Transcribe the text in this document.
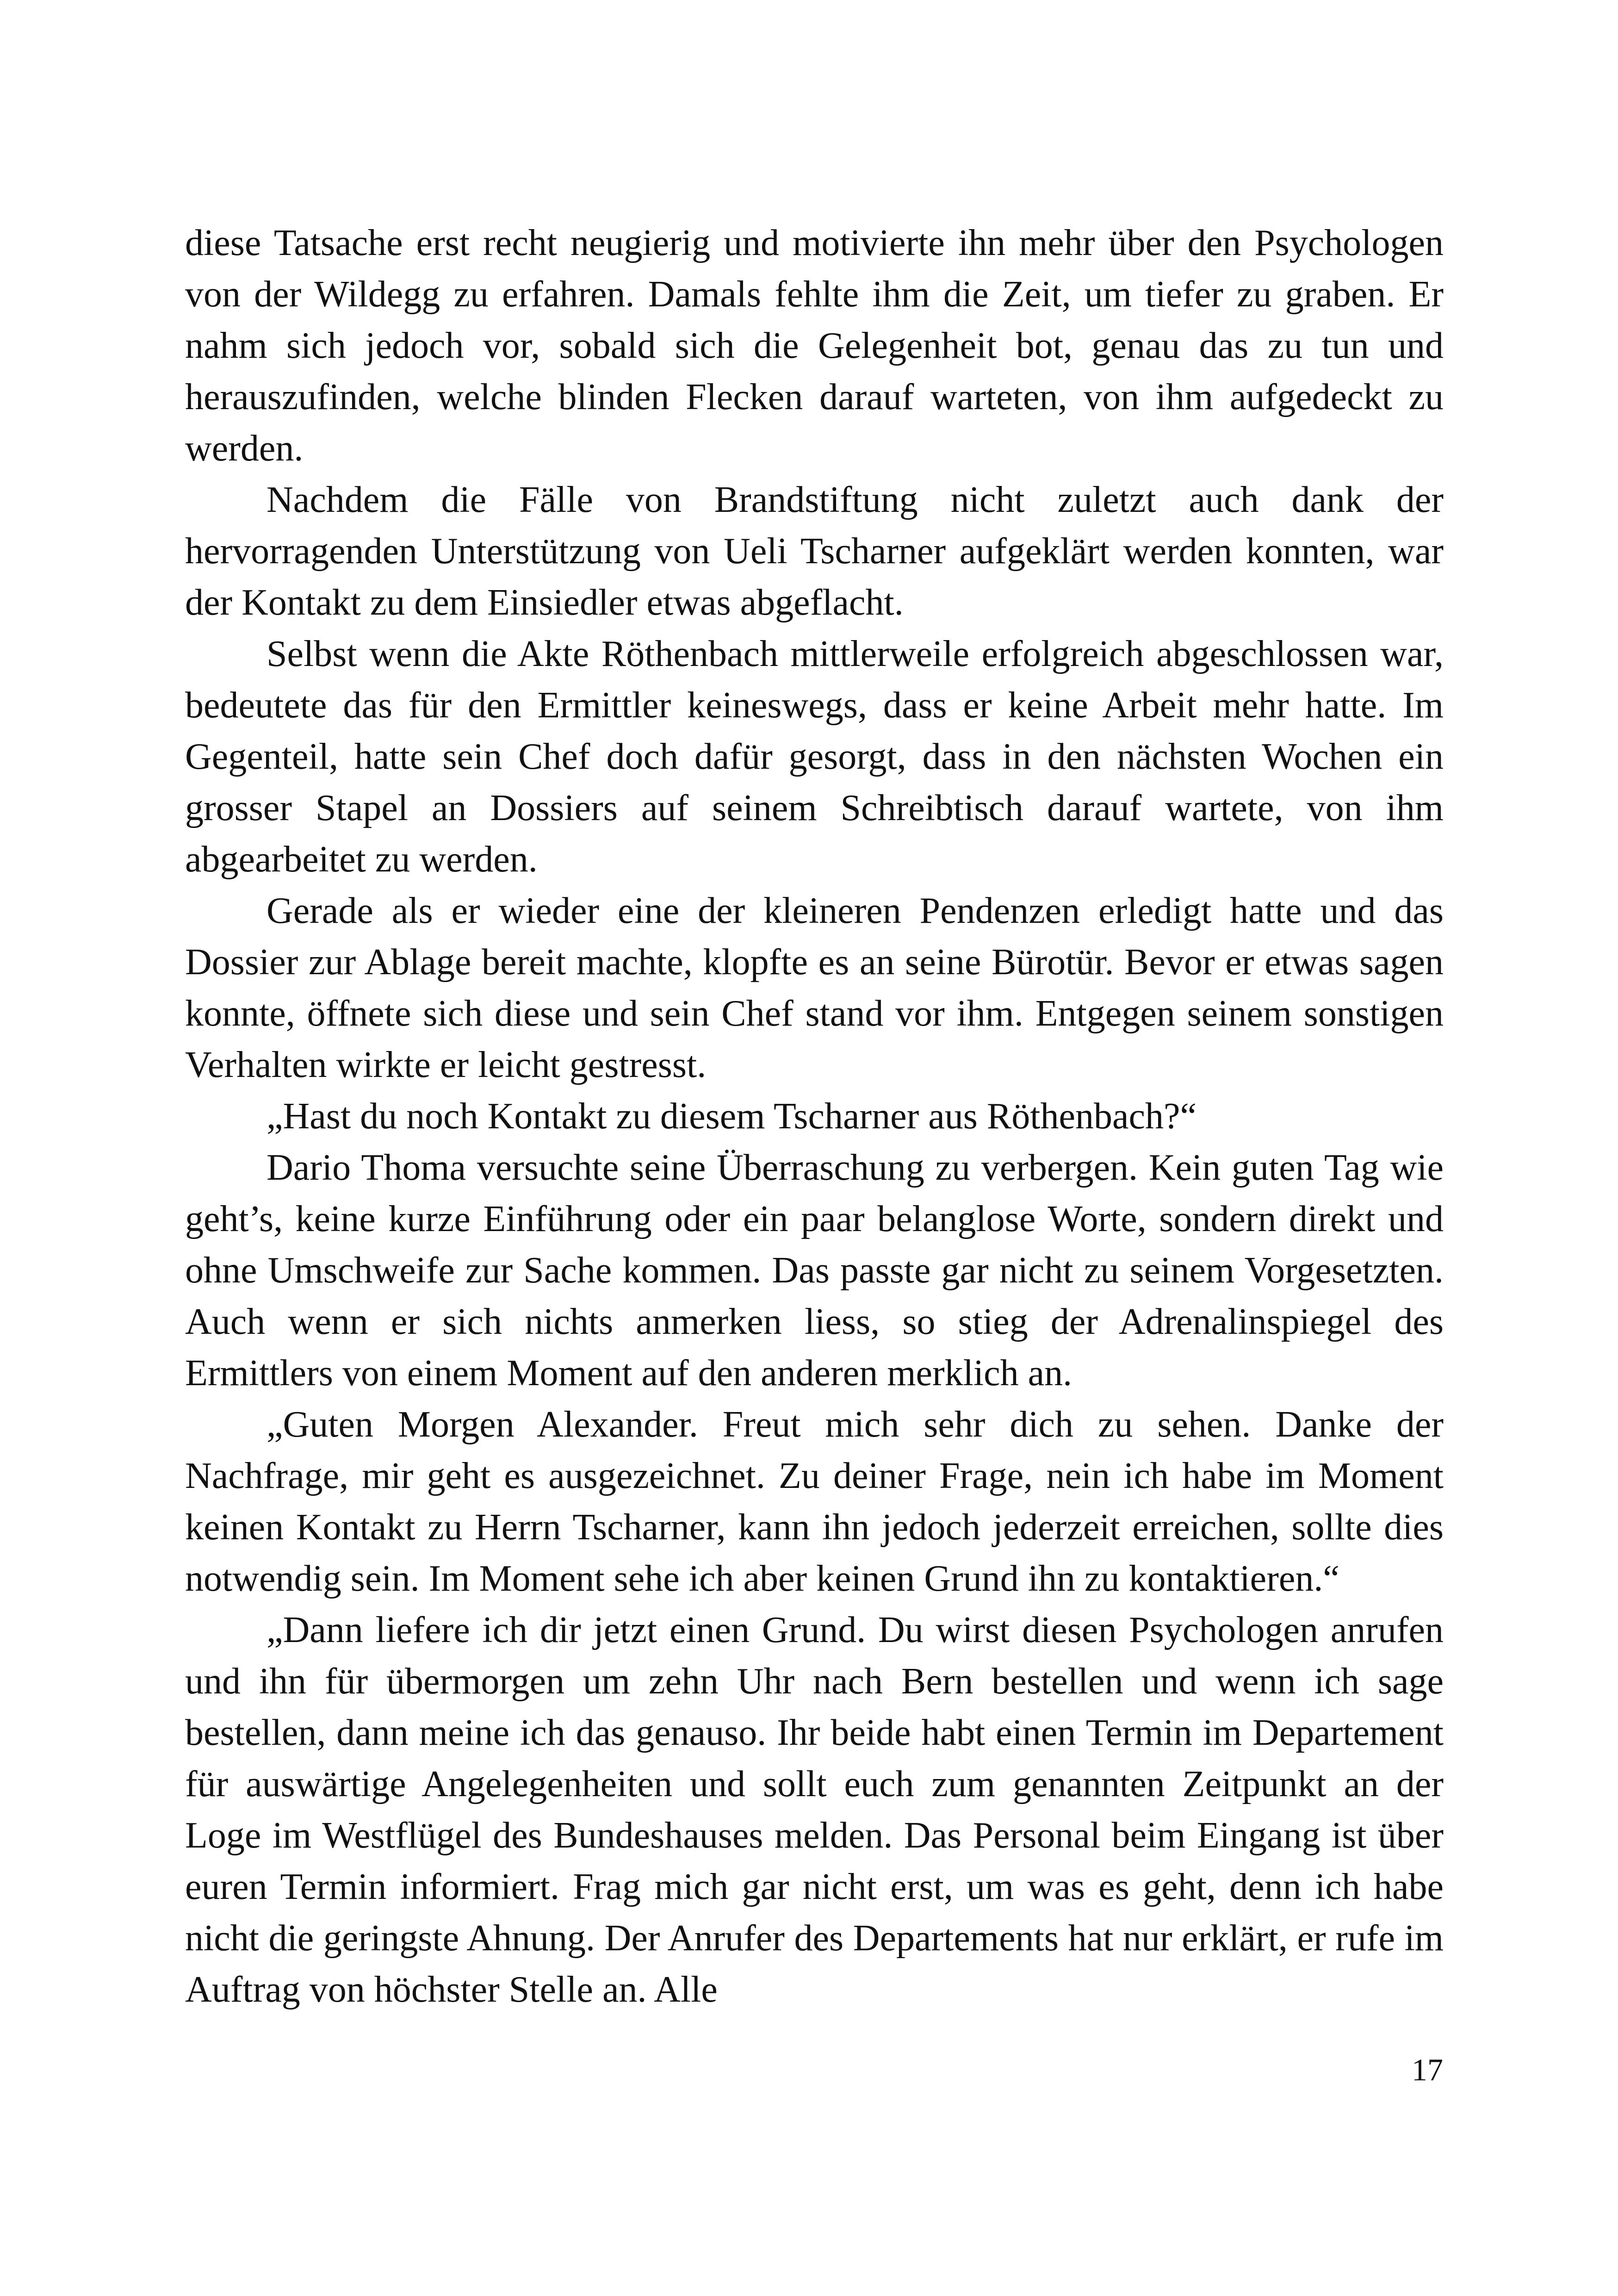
diese Tatsache erst recht neugierig und motivierte ihn mehr über den Psychologen von der Wildegg zu erfahren. Damals fehlte ihm die Zeit, um tiefer zu graben. Er nahm sich jedoch vor, sobald sich die Gelegenheit bot, genau das zu tun und herauszufinden, welche blinden Flecken darauf warteten, von ihm aufgedeckt zu werden.

Nachdem die Fälle von Brandstiftung nicht zuletzt auch dank der hervorragenden Unterstützung von Ueli Tscharner aufgeklärt werden konnten, war der Kontakt zu dem Einsiedler etwas abgeflacht.

Selbst wenn die Akte Röthenbach mittlerweile erfolgreich abgeschlossen war, bedeutete das für den Ermittler keineswegs, dass er keine Arbeit mehr hatte. Im Gegenteil, hatte sein Chef doch dafür gesorgt, dass in den nächsten Wochen ein grosser Stapel an Dossiers auf seinem Schreibtisch darauf wartete, von ihm abgearbeitet zu werden.

Gerade als er wieder eine der kleineren Pendenzen erledigt hatte und das Dossier zur Ablage bereit machte, klopfte es an seine Bürotür. Bevor er etwas sagen konnte, öffnete sich diese und sein Chef stand vor ihm. Entgegen seinem sonstigen Verhalten wirkte er leicht gestresst.

„Hast du noch Kontakt zu diesem Tscharner aus Röthenbach?“

Dario Thoma versuchte seine Überraschung zu verbergen. Kein guten Tag wie geht’s, keine kurze Einführung oder ein paar belanglose Worte, sondern direkt und ohne Umschweife zur Sache kommen. Das passte gar nicht zu seinem Vorgesetzten. Auch wenn er sich nichts anmerken liess, so stieg der Adrenalinspiegel des Ermittlers von einem Moment auf den anderen merklich an.

„Guten Morgen Alexander. Freut mich sehr dich zu sehen. Danke der Nachfrage, mir geht es ausgezeichnet. Zu deiner Frage, nein ich habe im Moment keinen Kontakt zu Herrn Tscharner, kann ihn jedoch jederzeit erreichen, sollte dies notwendig sein. Im Moment sehe ich aber keinen Grund ihn zu kontaktieren.“

„Dann liefere ich dir jetzt einen Grund. Du wirst diesen Psychologen anrufen und ihn für übermorgen um zehn Uhr nach Bern bestellen und wenn ich sage bestellen, dann meine ich das genauso. Ihr beide habt einen Termin im Departement für auswärtige Angelegenheiten und sollt euch zum genannten Zeitpunkt an der Loge im Westflügel des Bundeshauses melden. Das Personal beim Eingang ist über euren Termin informiert. Frag mich gar nicht erst, um was es geht, denn ich habe nicht die geringste Ahnung. Der Anrufer des Departements hat nur erklärt, er rufe im Auftrag von höchster Stelle an. Alle

17
